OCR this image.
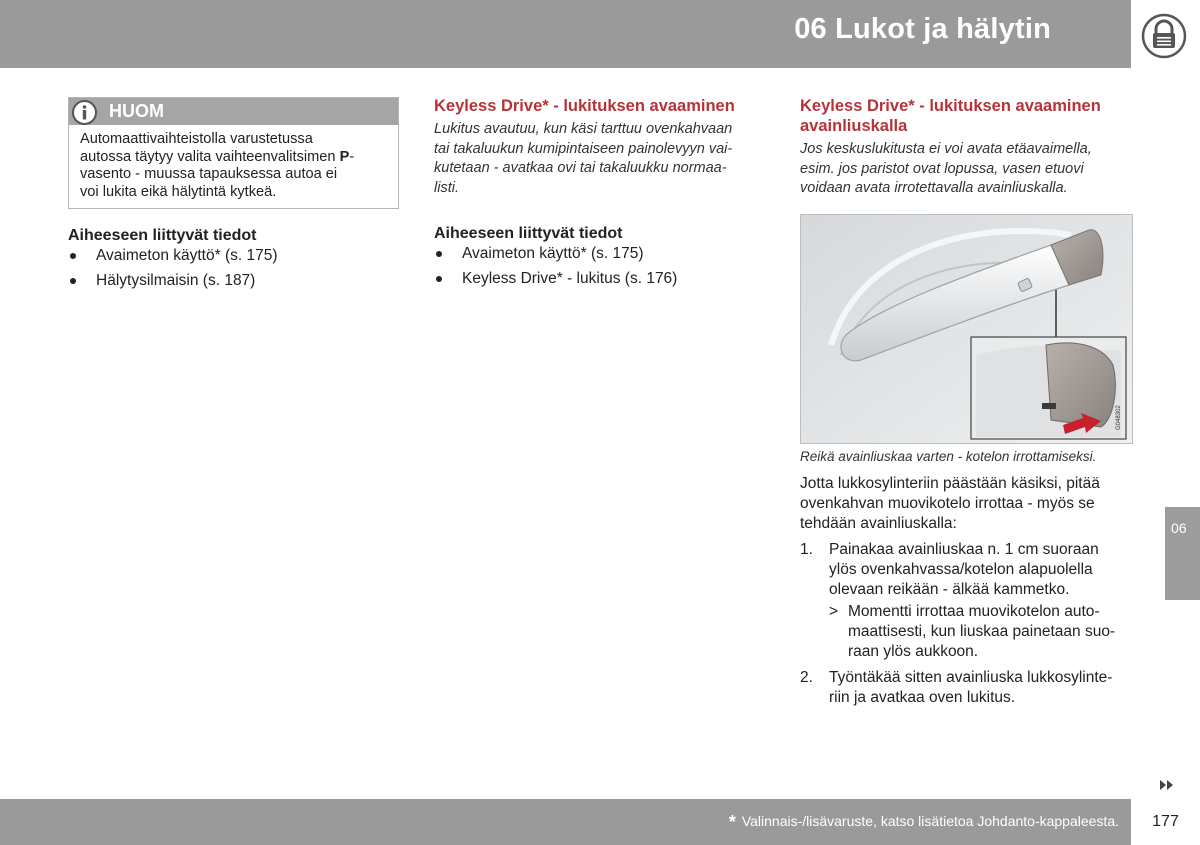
06 Lukot ja hälytin
HUOM
Automaattivaihteistolla varustetussa
autossa täytyy valita vaihteenvalitsimen P-
vasento - muussa tapauksessa autoa ei
voi lukita eikä hälytintä kytkeä.
Aiheeseen liittyvät tiedot
Avaimeton käyttö* (s. 175)
Hälytysilmaisin (s. 187)
Keyless Drive* - lukituksen avaaminen
Lukitus avautuu, kun käsi tarttuu ovenkahvaan
tai takaluukun kumipintaiseen painolevyyn vai-
kutetaan - avatkaa ovi tai takaluukku normaa-
listi.
Aiheeseen liittyvät tiedot
Avaimeton käyttö* (s. 175)
Keyless Drive* - lukitus (s. 176)
Keyless Drive* - lukituksen avaaminen
avainliuskalla
Jos keskuslukitusta ei voi avata etäavaimella,
esim. jos paristot ovat lopussa, vasen etuovi
voidaan avata irrotettavalla avainliuskalla.
G048302
Reikä avainliuskaa varten - kotelon irrottamiseksi.
Jotta lukkosylinteriin päästään käsiksi, pitää
ovenkahvan muovikotelo irrottaa - myös se
tehdään avainliuskalla:
1. Painakaa avainliuskaa n. 1 cm suoraan
ylös ovenkahvassa/kotelon alapuolella
olevaan reikään - älkää kammetko.
> Momentti irrottaa muovikotelon auto-
maattisesti, kun liuskaa painetaan suo-
raan ylös aukkoon.
2. Työntäkää sitten avainliuska lukkosylinte-
riin ja avatkaa oven lukitus.
06
* Valinnais-/lisävaruste, katso lisätietoa Johdanto-kappaleesta.	177
